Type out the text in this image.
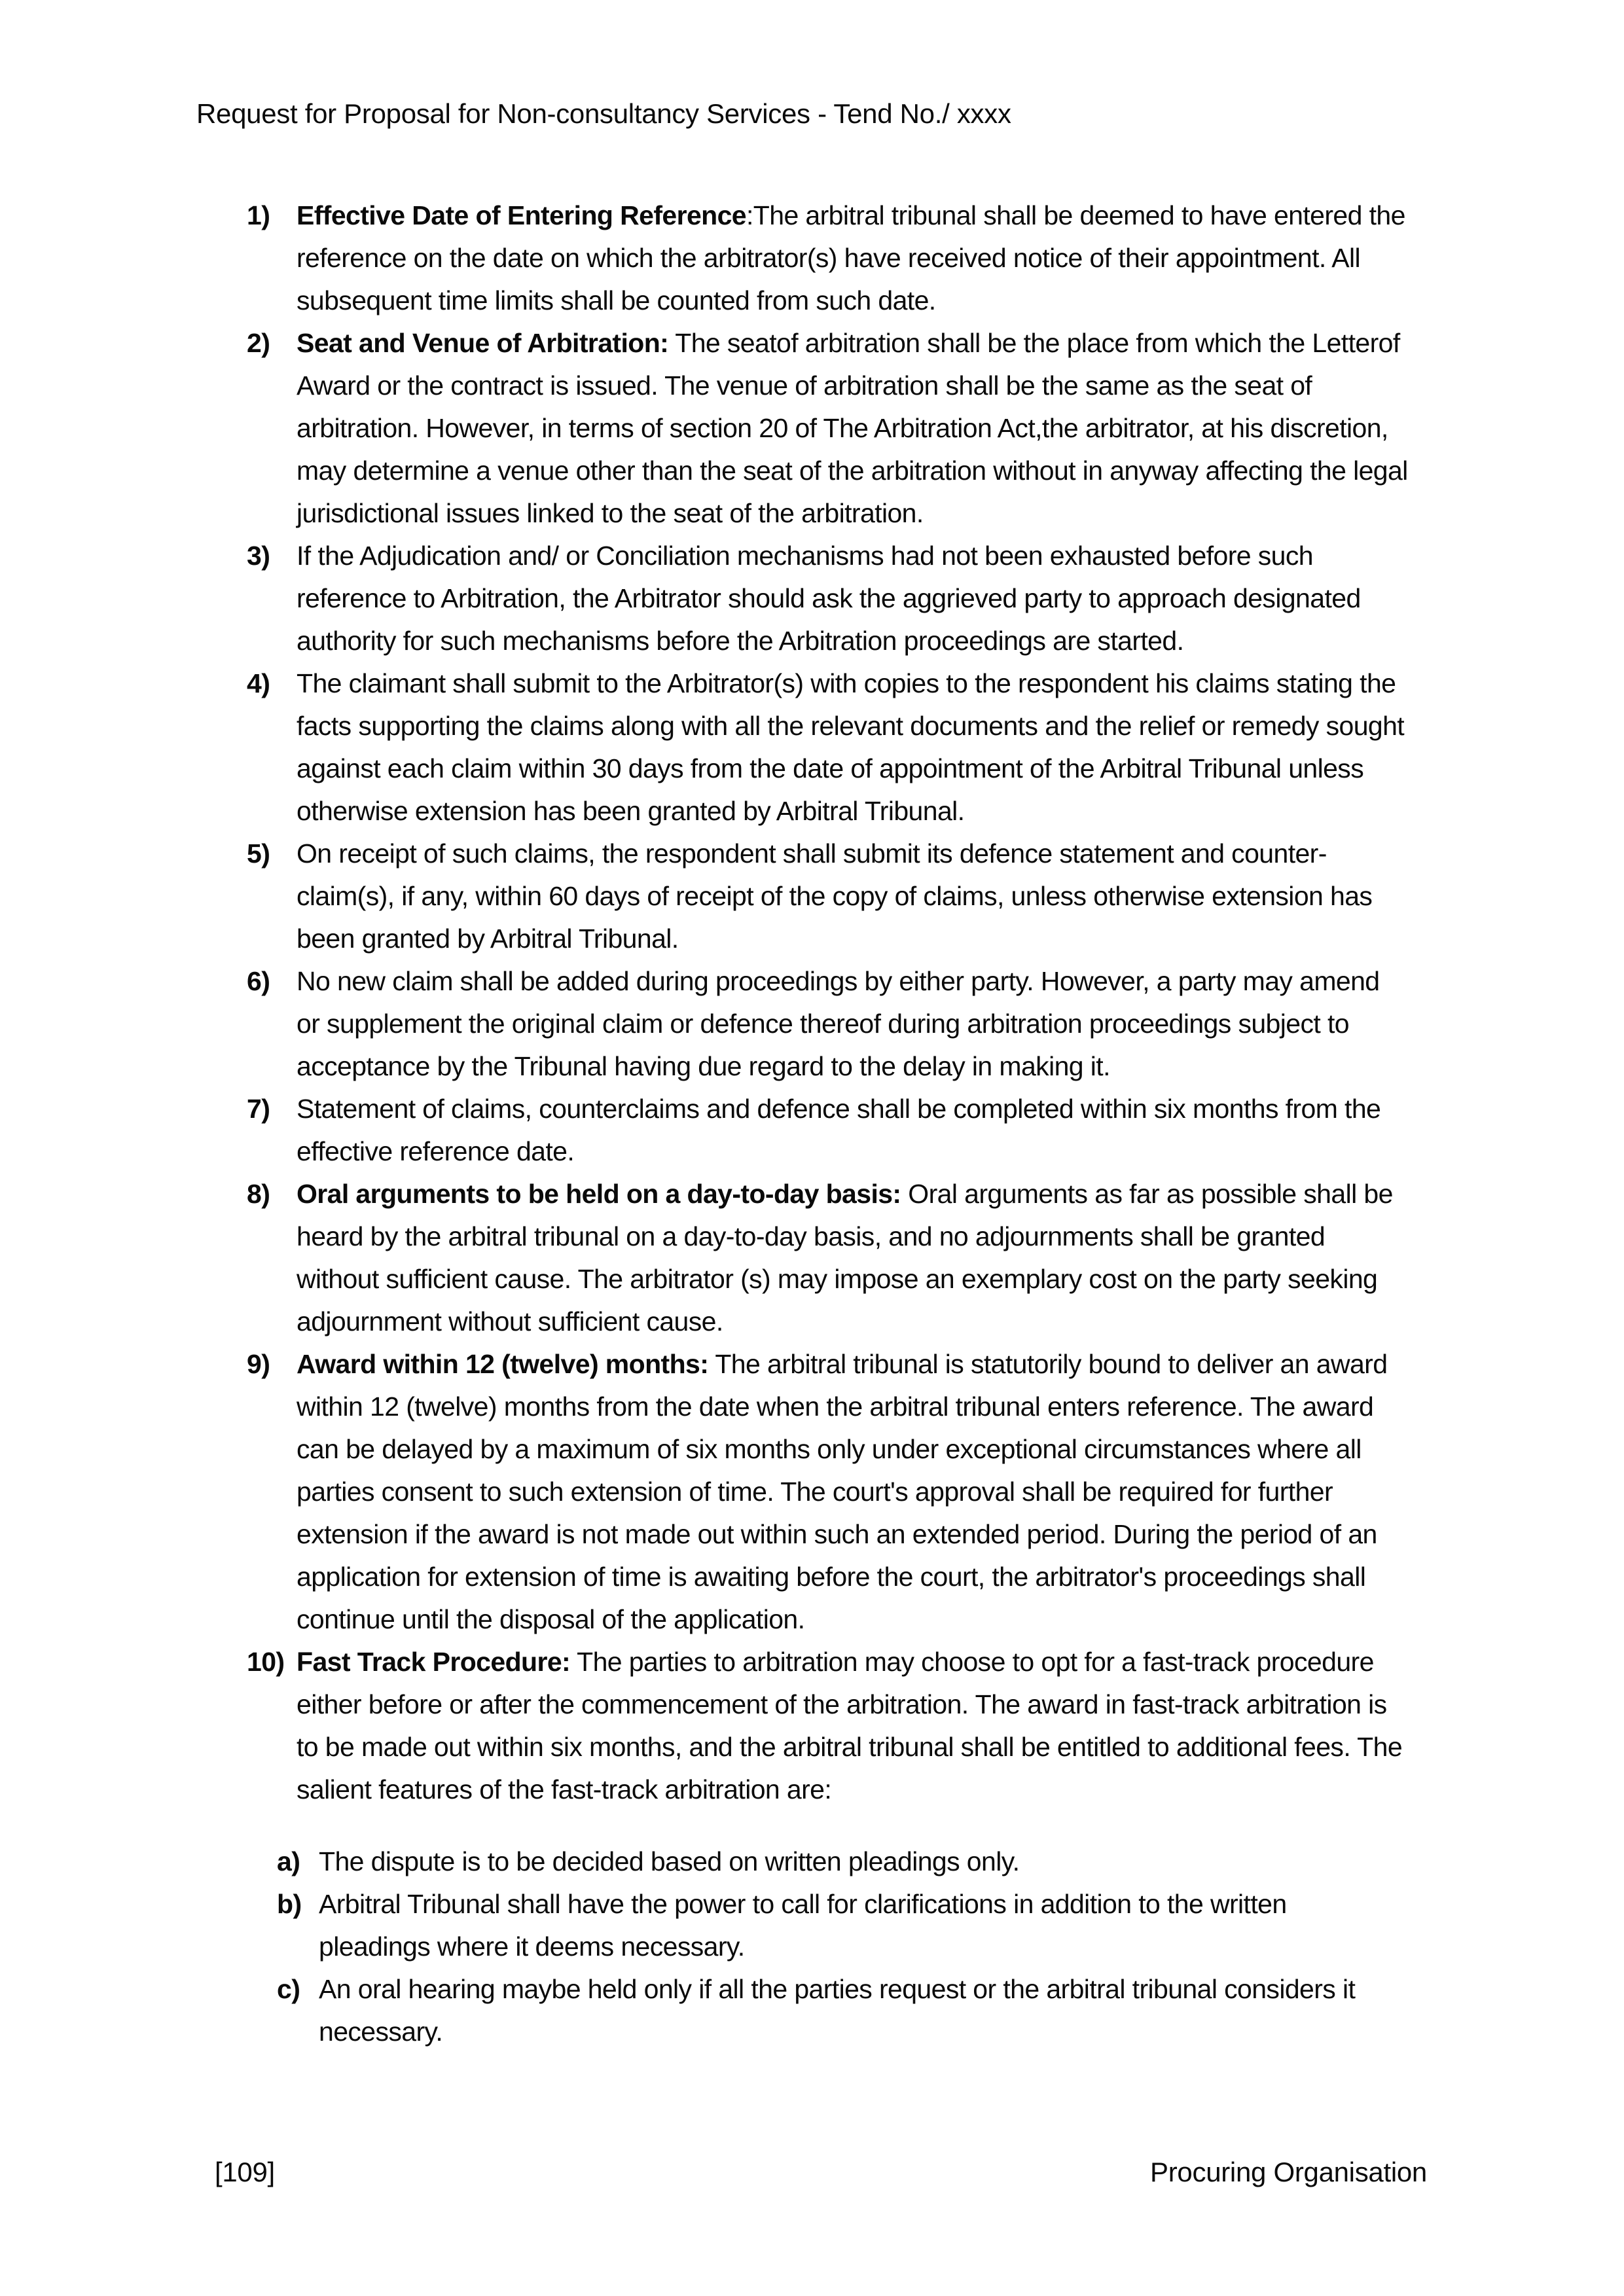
Request for Proposal for Non-consultancy Services - Tend No./ xxxx
1) Effective Date of Entering Reference:The arbitral tribunal shall be deemed to have entered the reference on the date on which the arbitrator(s) have received notice of their appointment. All subsequent time limits shall be counted from such date.
2) Seat and Venue of Arbitration: The seatof arbitration shall be the place from which the Letterof Award or the contract is issued. The venue of arbitration shall be the same as the seat of arbitration. However, in terms of section 20 of The Arbitration Act,the arbitrator, at his discretion, may determine a venue other than the seat of the arbitration without in anyway affecting the legal jurisdictional issues linked to the seat of the arbitration.
3) If the Adjudication and/ or Conciliation mechanisms had not been exhausted before such reference to Arbitration, the Arbitrator should ask the aggrieved party to approach designated authority for such mechanisms before the Arbitration proceedings are started.
4) The claimant shall submit to the Arbitrator(s) with copies to the respondent his claims stating the facts supporting the claims along with all the relevant documents and the relief or remedy sought against each claim within 30 days from the date of appointment of the Arbitral Tribunal unless otherwise extension has been granted by Arbitral Tribunal.
5) On receipt of such claims, the respondent shall submit its defence statement and counter-claim(s), if any, within 60 days of receipt of the copy of claims, unless otherwise extension has been granted by Arbitral Tribunal.
6) No new claim shall be added during proceedings by either party. However, a party may amend or supplement the original claim or defence thereof during arbitration proceedings subject to acceptance by the Tribunal having due regard to the delay in making it.
7) Statement of claims, counterclaims and defence shall be completed within six months from the effective reference date.
8) Oral arguments to be held on a day-to-day basis: Oral arguments as far as possible shall be heard by the arbitral tribunal on a day-to-day basis, and no adjournments shall be granted without sufficient cause. The arbitrator (s) may impose an exemplary cost on the party seeking adjournment without sufficient cause.
9) Award within 12 (twelve) months: The arbitral tribunal is statutorily bound to deliver an award within 12 (twelve) months from the date when the arbitral tribunal enters reference. The award can be delayed by a maximum of six months only under exceptional circumstances where all parties consent to such extension of time. The court's approval shall be required for further extension if the award is not made out within such an extended period. During the period of an application for extension of time is awaiting before the court, the arbitrator's proceedings shall continue until the disposal of the application.
10) Fast Track Procedure: The parties to arbitration may choose to opt for a fast-track procedure either before or after the commencement of the arbitration. The award in fast-track arbitration is to be made out within six months, and the arbitral tribunal shall be entitled to additional fees. The salient features of the fast-track arbitration are:
a) The dispute is to be decided based on written pleadings only.
b) Arbitral Tribunal shall have the power to call for clarifications in addition to the written pleadings where it deems necessary.
c) An oral hearing maybe held only if all the parties request or the arbitral tribunal considers it necessary.
[109]	Procuring Organisation
